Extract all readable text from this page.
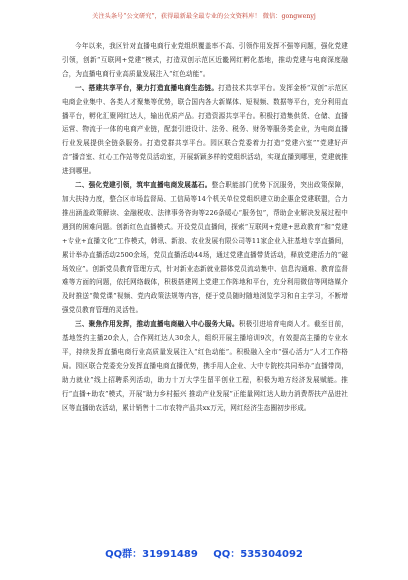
关注头条号“公文研究”，获得最新最全最专业的公文资料库！ 微信：gongwenyj

今年以来，我区针对直播电商行业党组织覆盖率不高、引领作用发挥不强等问题，强化党建引领，创新“互联网+党建”模式，打造双创示范区近畿网红孵化基地，推动党建与电商深度融合，为直播电商行业高质量发展注入“红色动能”。

一、搭建共享平台，聚力打造直播电商生态链。打造技术共享平台。发挥金桥“双创”示范区电商企业集中、各类人才聚集等优势，联合国内各大新媒体、短视频、数据等平台，充分利用直播平台，孵化汇聚网红达人，输出优质产品。打造资源共享平台。积极打造集供货、仓储、直播运营、物流于一体的电商产业链，配套引进设计、法务、税务、财务等服务类企业，为电商直播行业发展提供全链条服务。打造党群共享平台。园区联合党委着力打造“党建六室”“党建好声音”播音室、红心工作站等党员活动室，开展新颖多样的党组织活动，实现直播到哪里，党建就推进到哪里。

二、强化党建引领，筑牢直播电商发展基石。整合职能部门优势下沉服务，突出政策保障，加大扶持力度，整合区市场监督局、工信局等14个机关单位党组织建立助企惠企党建联盟，合力推出涵盖政策解读、金融税收、法律事务咨询等226条暖心“服务包”，帮助企业解决发展过程中遇到的困难问题。创新红色直播模式。开设党员直播间，探索“互联网+党建+思政教育”和“党建+专业+直播文化”工作模式，韩讯、新浪、农业发展有限公司等11家企业入驻基地专享直播间，累计举办直播活动2500余场，党员直播活动44场，通过党建直播带货活动，释放党建活力的“磁场效应”。创新党员教育管理方式，针对新业态新就业群体党员流动集中、信息沟通难、教育监督难等方面的问题，依托网络载体，积极搭建网上党建工作阵地和平台，充分利用微信等网络媒介及时推送“微党课”视频、党内政策法规等内容，便于党员随时随地浏览学习和自主学习，不断增强党员教育管理的灵活性。

三、聚焦作用发挥，推动直播电商融入中心服务大局。积极引进培育电商人才。截至目前，基地签约主播20余人，合作网红达人30余人，组织开展主播培训9次，有效提高主播的专业水平，持续发挥直播电商行业高质量发展注入“红色动能”。积极融入全市“强心活力”人才工作格局。园区联合党委充分发挥直播电商直播优势，携手用人企业、大中专院校共同举办“直播带岗，助力就业”线上招聘系列活动，助力十万大学生留平创业工程，积极为地方经济发展赋能。推行“直播+助农”模式，开展“助力乡村振兴 推动产业发展”正能量网红达人助力消费帮扶产品进社区等直播助农活动，累计销售十二市农特产品共xx万元，网红经济生态圈初步形成。

QQ群：31991489 QQ：535304092
